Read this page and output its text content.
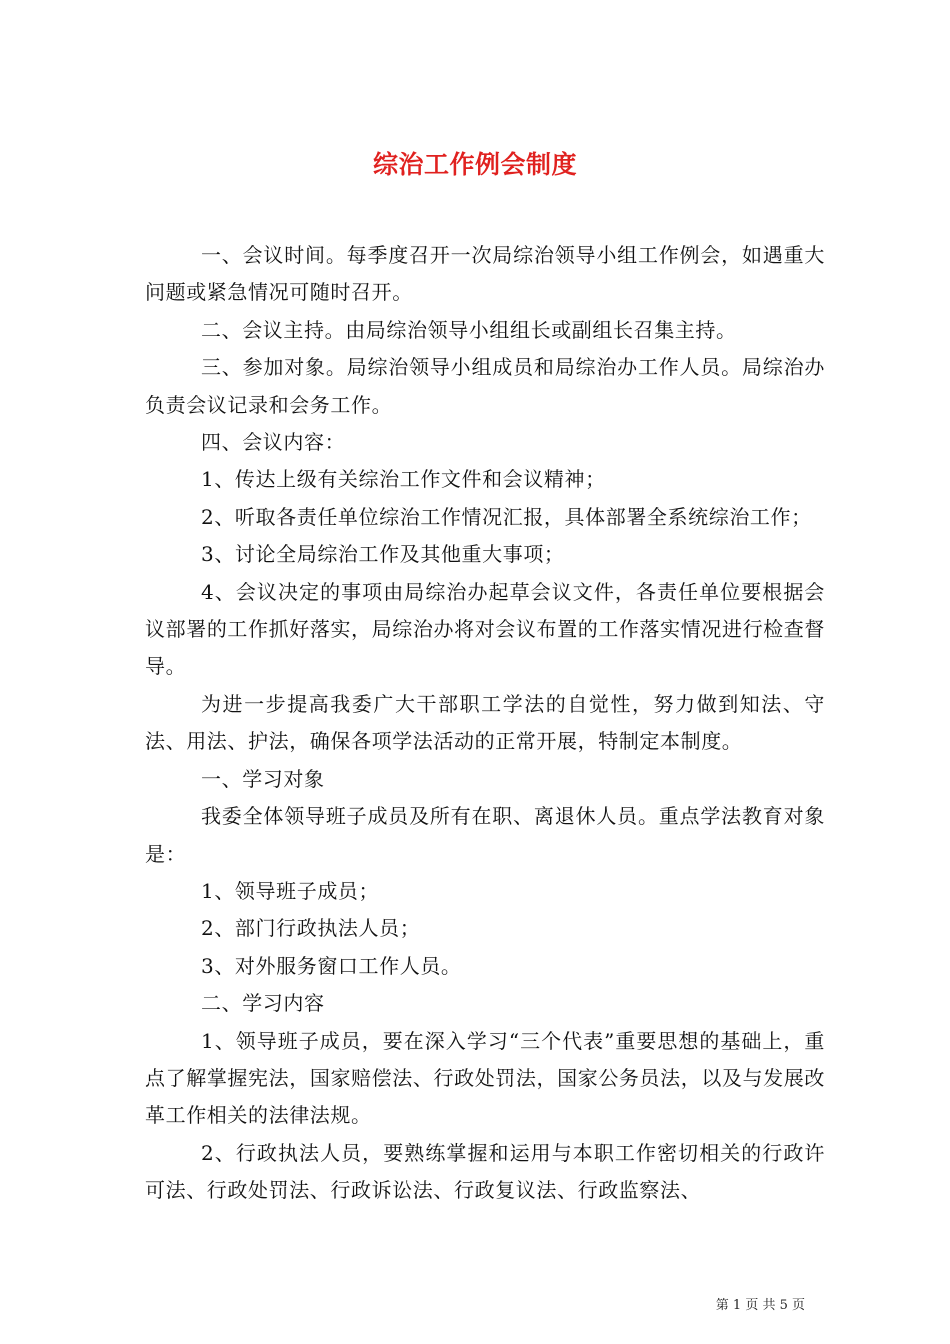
综治工作例会制度

一、会议时间。每季度召开一次局综治领导小组工作例会，如遇重大问题或紧急情况可随时召开。

二、会议主持。由局综治领导小组组长或副组长召集主持。

三、参加对象。局综治领导小组成员和局综治办工作人员。局综治办负责会议记录和会务工作。

四、会议内容：

1、传达上级有关综治工作文件和会议精神；

2、听取各责任单位综治工作情况汇报，具体部署全系统综治工作；

3、讨论全局综治工作及其他重大事项；

4、会议决定的事项由局综治办起草会议文件，各责任单位要根据会议部署的工作抓好落实，局综治办将对会议布置的工作落实情况进行检查督导。

为进一步提高我委广大干部职工学法的自觉性，努力做到知法、守法、用法、护法，确保各项学法活动的正常开展，特制定本制度。

一、学习对象

我委全体领导班子成员及所有在职、离退休人员。重点学法教育对象是：

1、领导班子成员；

2、部门行政执法人员；

3、对外服务窗口工作人员。

二、学习内容

1、领导班子成员，要在深入学习“三个代表”重要思想的基础上，重点了解掌握宪法，国家赔偿法、行政处罚法，国家公务员法，以及与发展改革工作相关的法律法规。

2、行政执法人员，要熟练掌握和运用与本职工作密切相关的行政许可法、行政处罚法、行政诉讼法、行政复议法、行政监察法、

第 1 页 共 5 页
